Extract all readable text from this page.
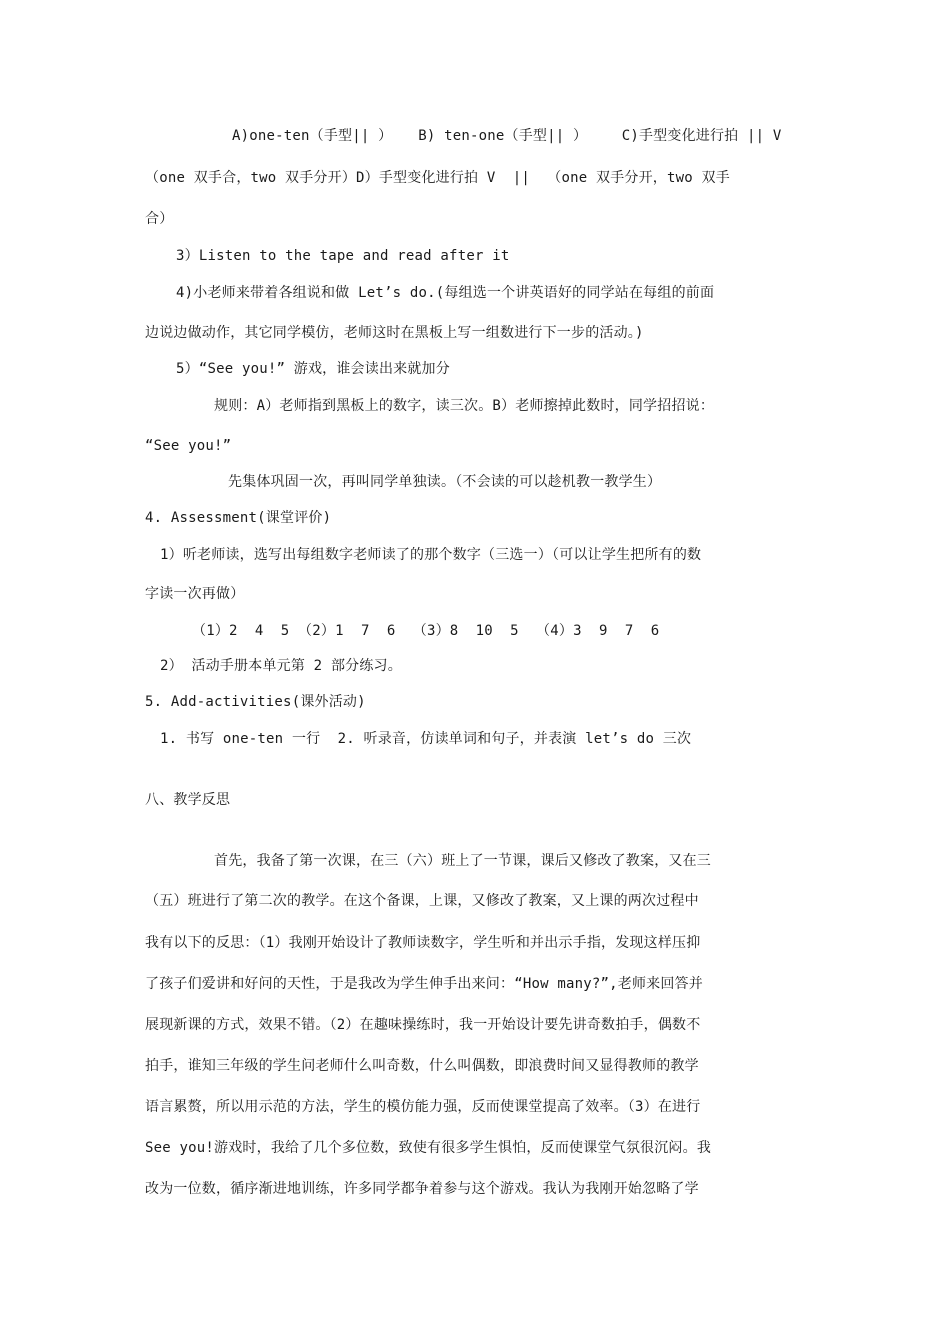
A)one-ten（手型|| ）   B) ten-one（手型|| ）    C)手型变化进行拍 || V
（one 双手合，two 双手分开）D）手型变化进行拍 V  ||  （one 双手分开，two 双手
合）
3）Listen to the tape and read after it
4)小老师来带着各组说和做 Let’s do.(每组选一个讲英语好的同学站在每组的前面
边说边做动作，其它同学模仿，老师这时在黑板上写一组数进行下一步的活动。)
5）“See you!” 游戏，谁会读出来就加分
规则：A）老师指到黑板上的数字，读三次。B）老师擦掉此数时，同学招招说：
“See you!”
先集体巩固一次，再叫同学单独读。（不会读的可以趁机教一教学生）
4. Assessment(课堂评价)
1）听老师读，选写出每组数字老师读了的那个数字（三选一）（可以让学生把所有的数
字读一次再做）
（1）2  4  5 （2）1  7  6  （3）8  10  5  （4）3  9  7  6
2） 活动手册本单元第 2 部分练习。
5. Add-activities(课外活动)
1. 书写 one-ten 一行  2. 听录音，仿读单词和句子，并表演 let’s do 三次
八、教学反思
首先，我备了第一次课，在三（六）班上了一节课，课后又修改了教案，又在三
（五）班进行了第二次的教学。在这个备课，上课，又修改了教案，又上课的两次过程中
我有以下的反思：（1）我刚开始设计了教师读数字，学生听和并出示手指，发现这样压抑
了孩子们爱讲和好问的天性，于是我改为学生伸手出来问：“How many?”,老师来回答并
展现新课的方式，效果不错。（2）在趣味操练时，我一开始设计要先讲奇数拍手，偶数不
拍手，谁知三年级的学生问老师什么叫奇数，什么叫偶数，即浪费时间又显得教师的教学
语言累赘，所以用示范的方法，学生的模仿能力强，反而使课堂提高了效率。（3）在进行
See you!游戏时，我给了几个多位数，致使有很多学生惧怕，反而使课堂气氛很沉闷。我
改为一位数，循序渐进地训练，许多同学都争着参与这个游戏。我认为我刚开始忽略了学
